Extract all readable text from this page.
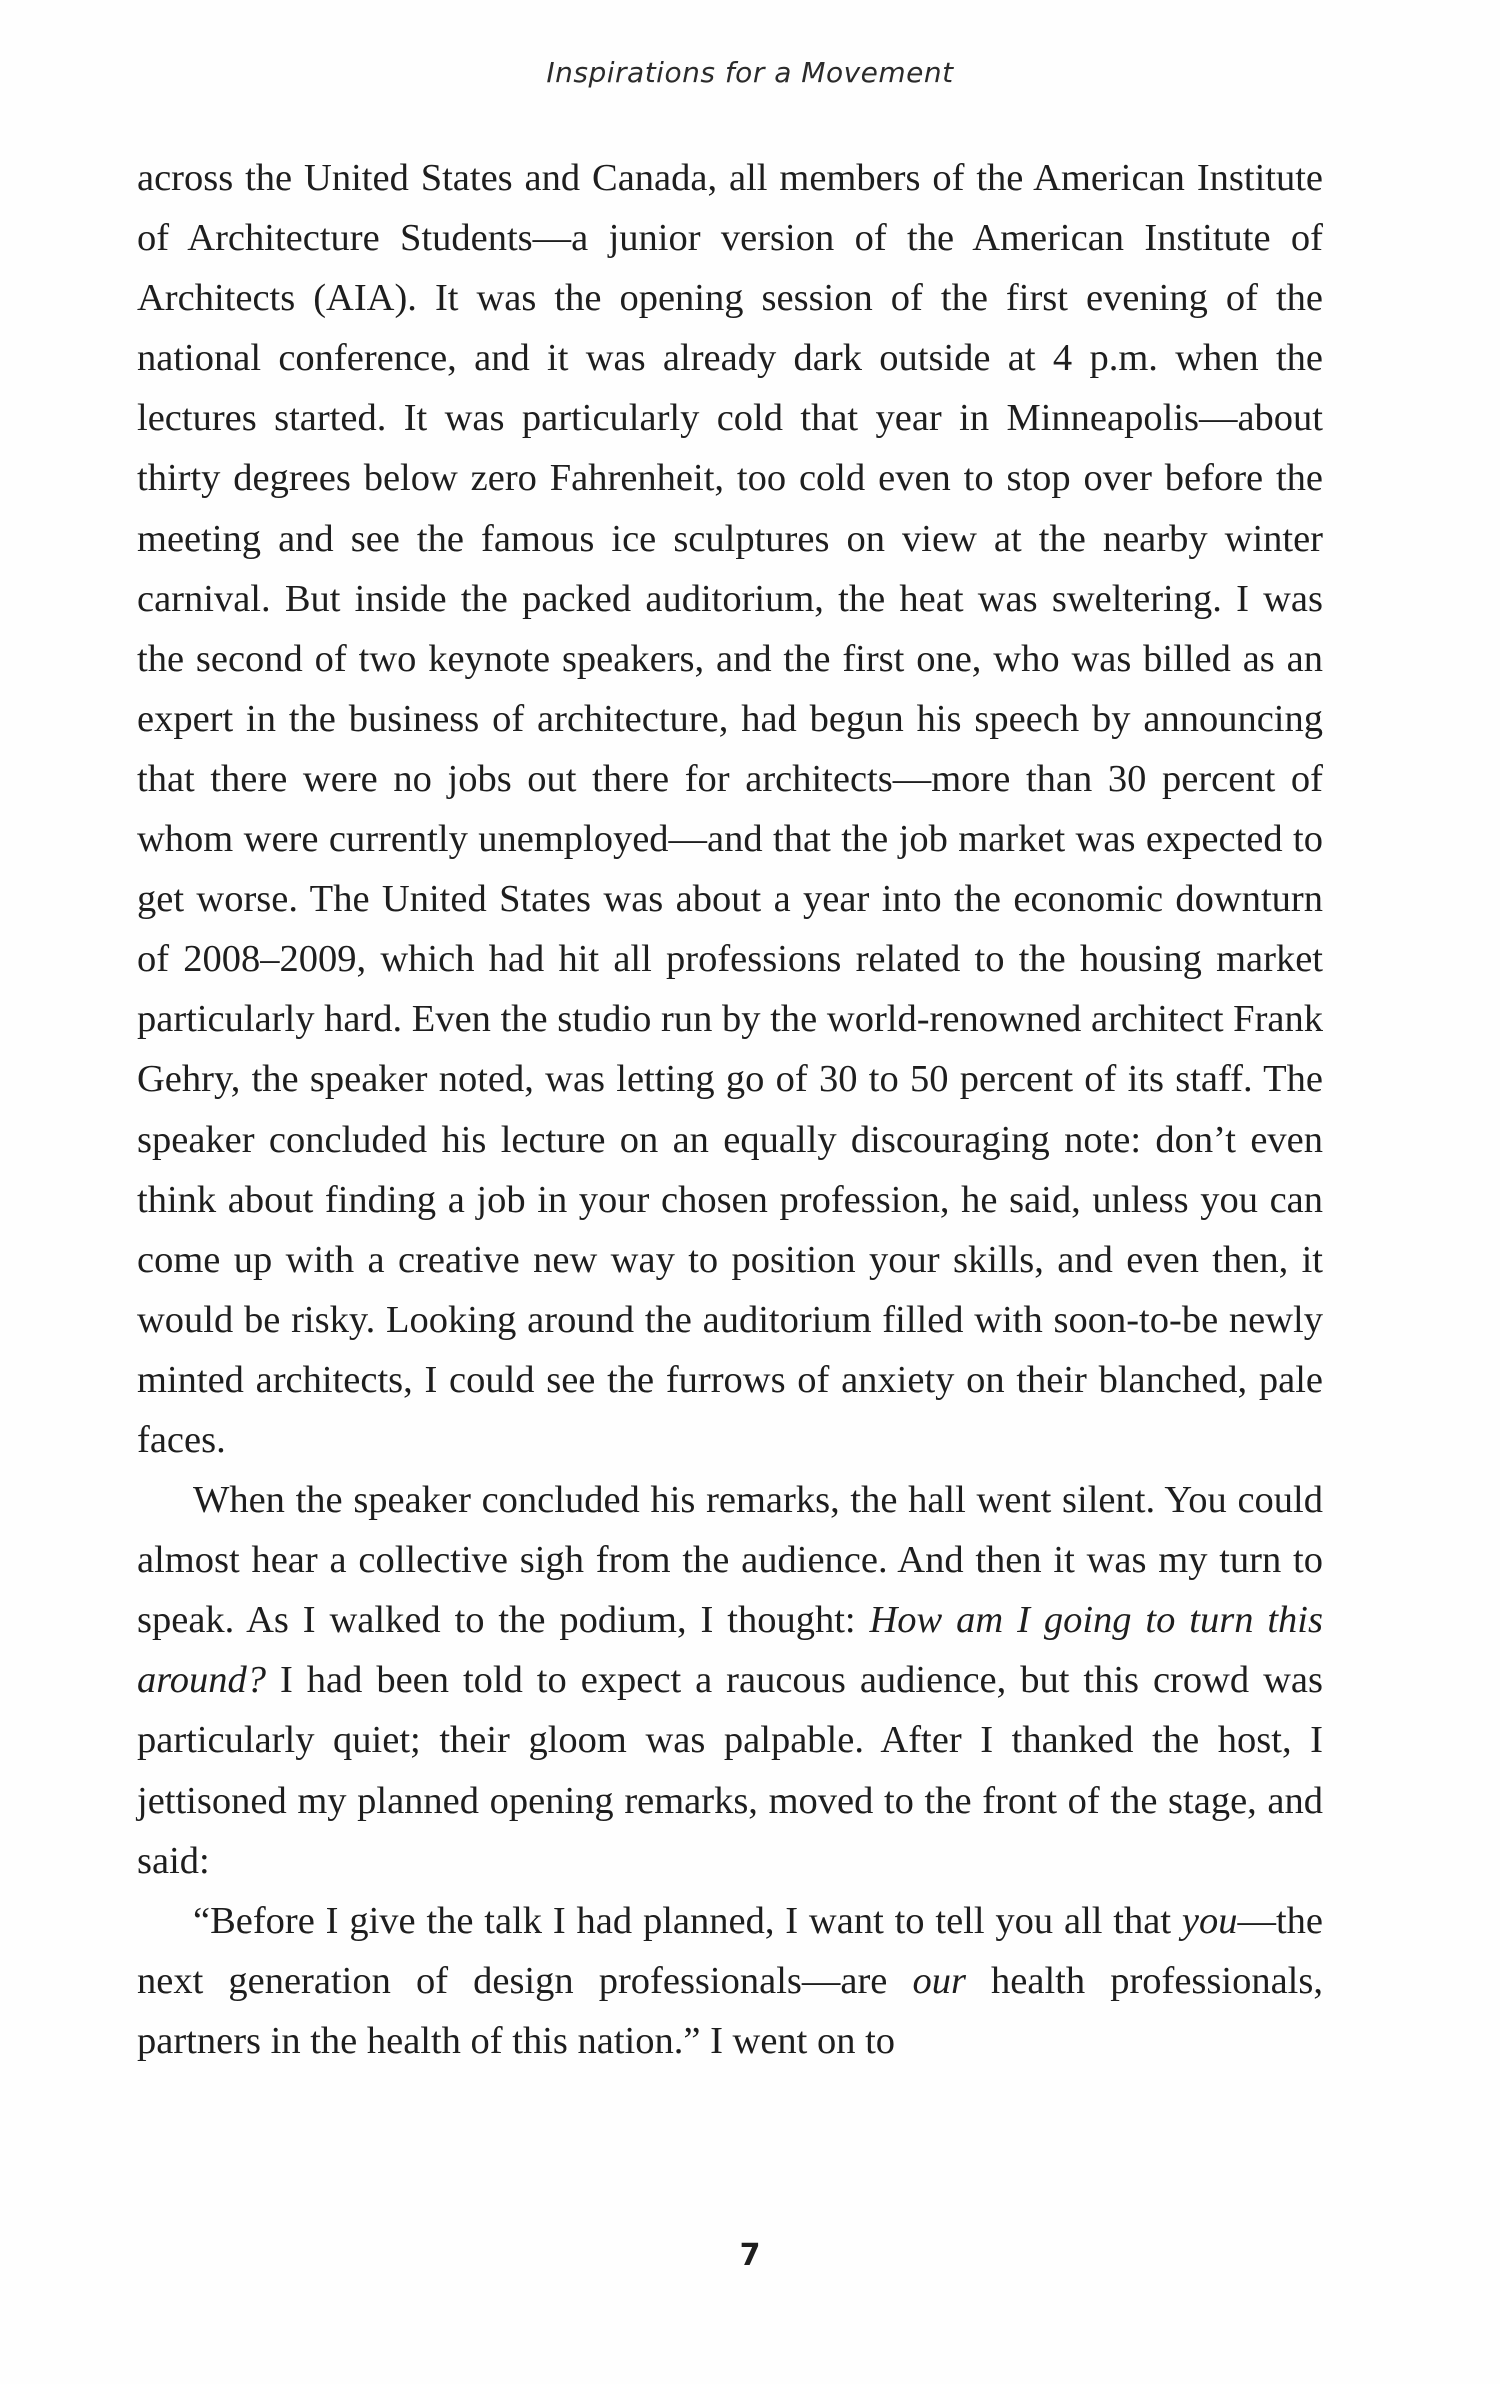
Inspirations for a Movement

across the United States and Canada, all members of the American Institute of Architecture Students—a junior version of the American Institute of Architects (AIA). It was the opening session of the first evening of the national conference, and it was already dark outside at 4 p.m. when the lectures started. It was particularly cold that year in Minneapolis—about thirty degrees below zero Fahrenheit, too cold even to stop over before the meeting and see the famous ice sculptures on view at the nearby winter carnival. But inside the packed auditorium, the heat was sweltering. I was the second of two keynote speakers, and the first one, who was billed as an expert in the business of architecture, had begun his speech by announcing that there were no jobs out there for architects—more than 30 percent of whom were currently unemployed—and that the job market was expected to get worse. The United States was about a year into the economic downturn of 2008–2009, which had hit all professions related to the housing market particularly hard. Even the studio run by the world-renowned architect Frank Gehry, the speaker noted, was letting go of 30 to 50 percent of its staff. The speaker concluded his lecture on an equally discouraging note: don’t even think about finding a job in your chosen profession, he said, unless you can come up with a creative new way to position your skills, and even then, it would be risky. Looking around the auditorium filled with soon-to-be newly minted architects, I could see the furrows of anxiety on their blanched, pale faces.

When the speaker concluded his remarks, the hall went silent. You could almost hear a collective sigh from the audience. And then it was my turn to speak. As I walked to the podium, I thought: How am I going to turn this around? I had been told to expect a raucous audience, but this crowd was particularly quiet; their gloom was palpable. After I thanked the host, I jettisoned my planned opening remarks, moved to the front of the stage, and said:

“Before I give the talk I had planned, I want to tell you all that you—the next generation of design professionals—are our health professionals, partners in the health of this nation.” I went on to

7
